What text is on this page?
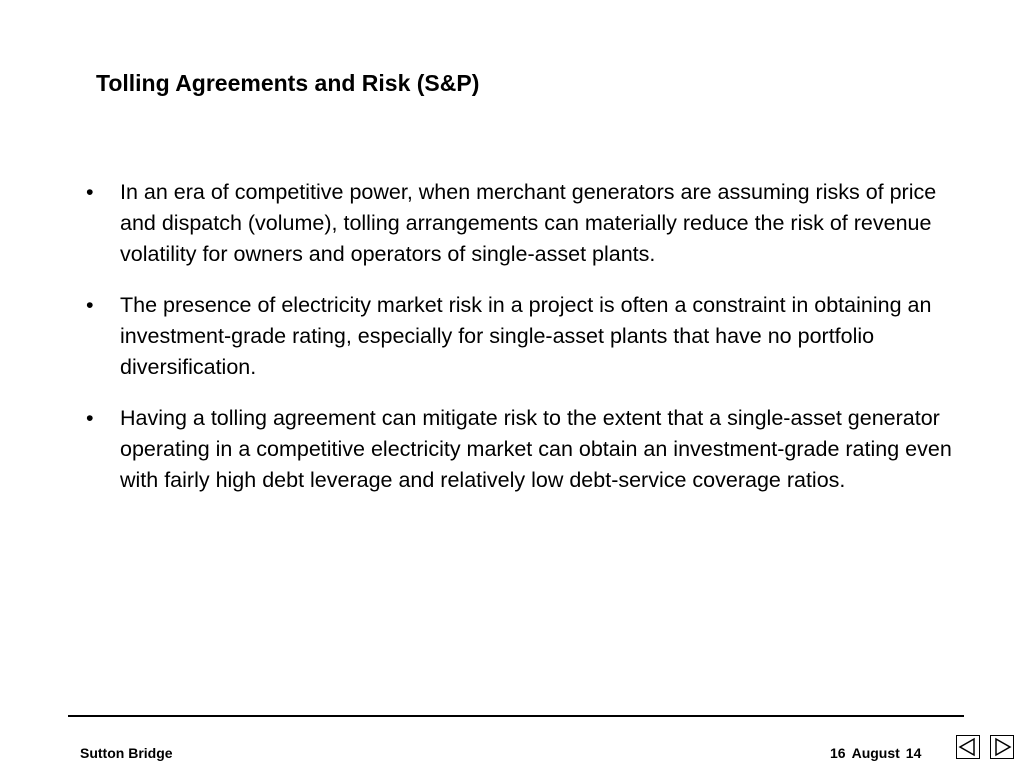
Tolling Agreements and Risk (S&P)
•	In an era of competitive power, when merchant generators are assuming risks of price and dispatch (volume), tolling arrangements can materially reduce the risk of revenue volatility for owners and operators of single-asset plants.
•	The presence of electricity market risk in a project is often a constraint in obtaining an investment-grade rating, especially for single-asset plants that have no portfolio diversification.
•	Having a tolling agreement can mitigate risk to the extent that a single-asset generator operating in a competitive electricity market can obtain an investment-grade rating even with fairly high debt leverage and relatively low debt-service coverage ratios.
Sutton Bridge	16 August 14
